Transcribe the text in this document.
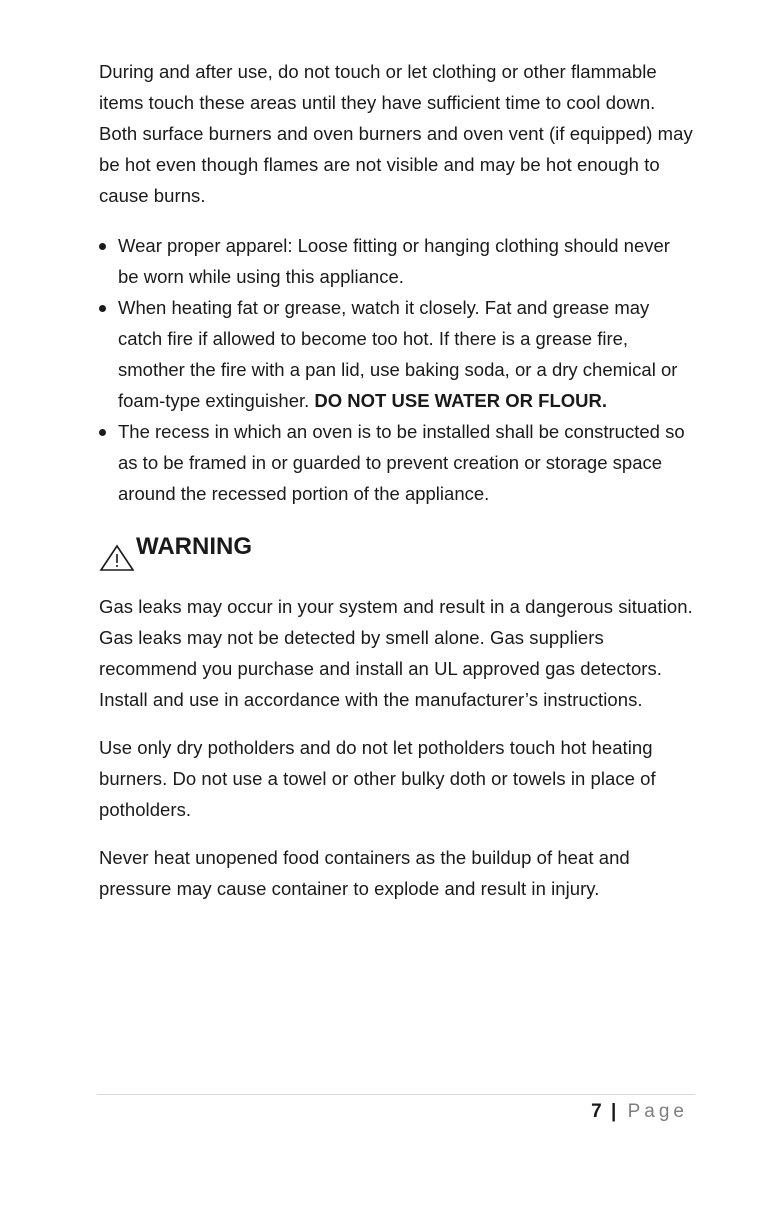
During and after use, do not touch or let clothing or other flammable items touch these areas until they have sufficient time to cool down. Both surface burners and oven burners and oven vent (if equipped) may be hot even though flames are not visible and may be hot enough to cause burns.

Wear proper apparel: Loose fitting or hanging clothing should never be worn while using this appliance.
When heating fat or grease, watch it closely. Fat and grease may catch fire if allowed to become too hot. If there is a grease fire, smother the fire with a pan lid, use baking soda, or a dry chemical or foam-type extinguisher. DO NOT USE WATER OR FLOUR.
The recess in which an oven is to be installed shall be constructed so as to be framed in or guarded to prevent creation or storage space around the recessed portion of the appliance.
WARNING

Gas leaks may occur in your system and result in a dangerous situation. Gas leaks may not be detected by smell alone. Gas suppliers recommend you purchase and install an UL approved gas detectors. Install and use in accordance with the manufacturer’s instructions.

Use only dry potholders and do not let potholders touch hot heating burners. Do not use a towel or other bulky doth or towels in place of potholders.

Never heat unopened food containers as the buildup of heat and pressure may cause container to explode and result in injury.

7 | Page
